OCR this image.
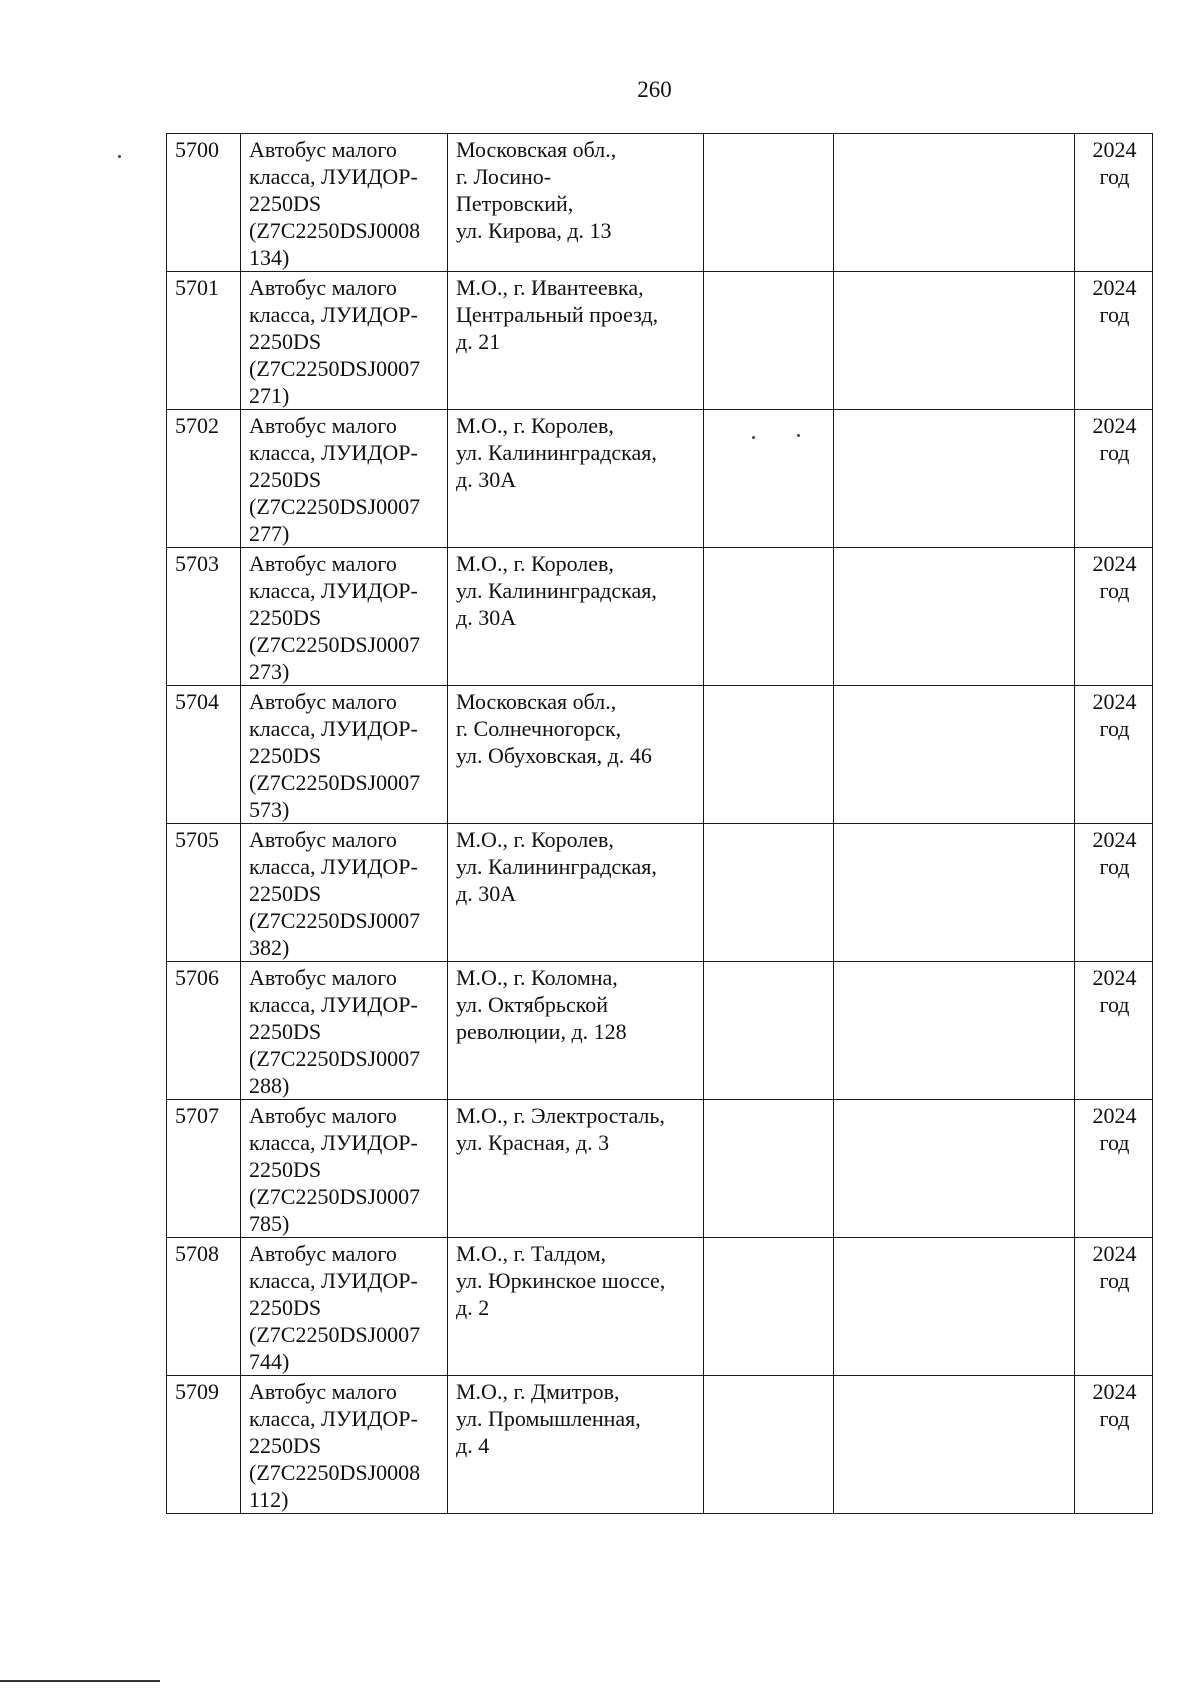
260
5700	Автобус малого
класса, ЛУИДОР-
2250DS
(Z7C2250DSJ0008
134)	Московская обл.,
г. Лосино-
Петровский,
ул. Кирова, д. 13			2024
год

5701	Автобус малого
класса, ЛУИДОР-
2250DS
(Z7C2250DSJ0007
271)	М.О., г. Ивантеевка,
Центральный проезд,
д. 21			2024
год

5702	Автобус малого
класса, ЛУИДОР-
2250DS
(Z7C2250DSJ0007
277)	М.О., г. Королев,
ул. Калининградская,
д. 30А			2024
год

5703	Автобус малого
класса, ЛУИДОР-
2250DS
(Z7C2250DSJ0007
273)	М.О., г. Королев,
ул. Калининградская,
д. 30А			2024
год

5704	Автобус малого
класса, ЛУИДОР-
2250DS
(Z7C2250DSJ0007
573)	Московская обл.,
г. Солнечногорск,
ул. Обуховская, д. 46			2024
год

5705	Автобус малого
класса, ЛУИДОР-
2250DS
(Z7C2250DSJ0007
382)	М.О., г. Королев,
ул. Калининградская,
д. 30А			2024
год

5706	Автобус малого
класса, ЛУИДОР-
2250DS
(Z7C2250DSJ0007
288)	М.О., г. Коломна,
ул. Октябрьской
революции, д. 128			2024
год

5707	Автобус малого
класса, ЛУИДОР-
2250DS
(Z7C2250DSJ0007
785)	М.О., г. Электросталь,
ул. Красная, д. 3			2024
год

5708	Автобус малого
класса, ЛУИДОР-
2250DS
(Z7C2250DSJ0007
744)	М.О., г. Талдом,
ул. Юркинское шоссе,
д. 2			2024
год

5709	Автобус малого
класса, ЛУИДОР-
2250DS
(Z7C2250DSJ0008
112)	М.О., г. Дмитров,
ул. Промышленная,
д. 4			2024
год
